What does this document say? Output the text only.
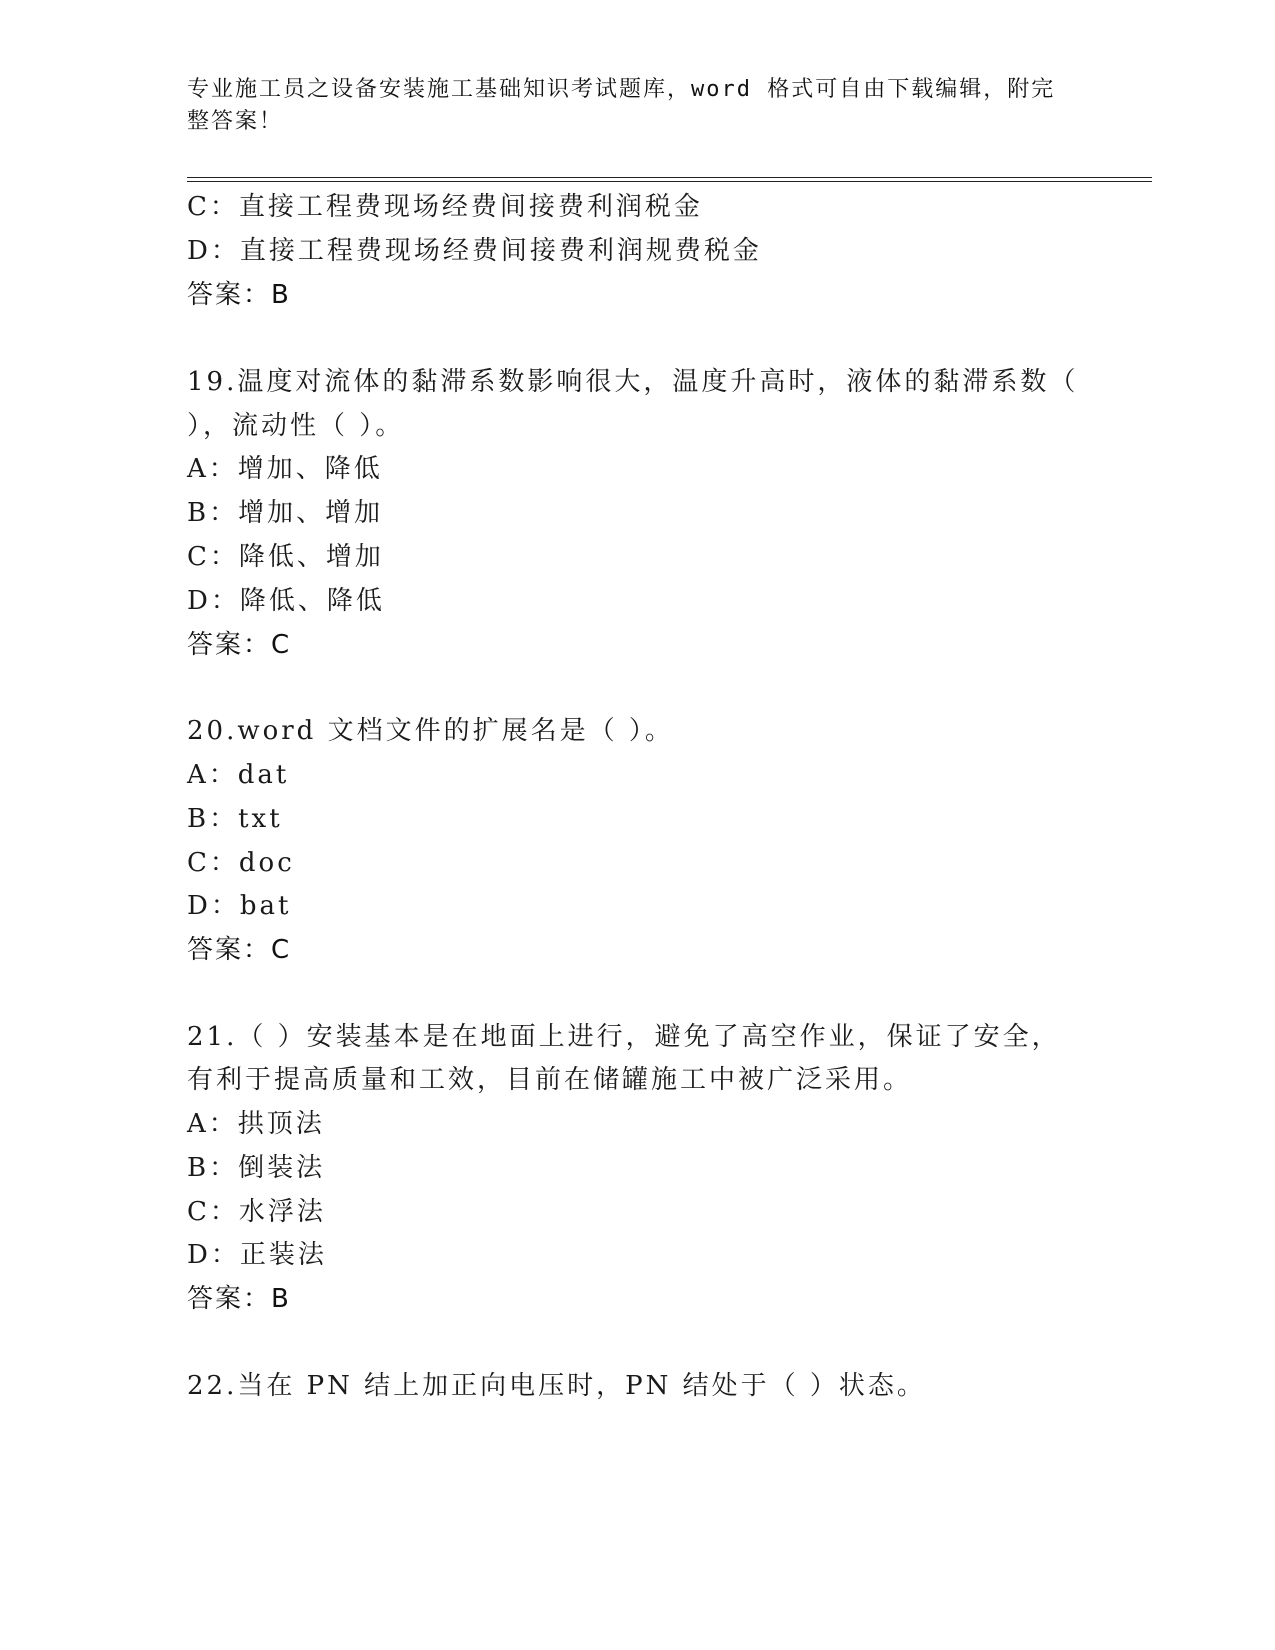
专业施工员之设备安装施工基础知识考试题库，word 格式可自由下载编辑，附完
整答案！
C：直接工程费现场经费间接费利润税金
D：直接工程费现场经费间接费利润规费税金
答案：B
19.温度对流体的黏滞系数影响很大，温度升高时，液体的黏滞系数（
），流动性（ ）。
A：增加、降低
B：增加、增加
C：降低、增加
D：降低、降低
答案：C
20.word 文档文件的扩展名是（ ）。
A：dat
B：txt
C：doc
D：bat
答案：C
21.（ ）安装基本是在地面上进行，避免了高空作业，保证了安全，
有利于提高质量和工效，目前在储罐施工中被广泛采用。
A：拱顶法
B：倒装法
C：水浮法
D：正装法
答案：B
22.当在 PN 结上加正向电压时，PN 结处于（ ）状态。
